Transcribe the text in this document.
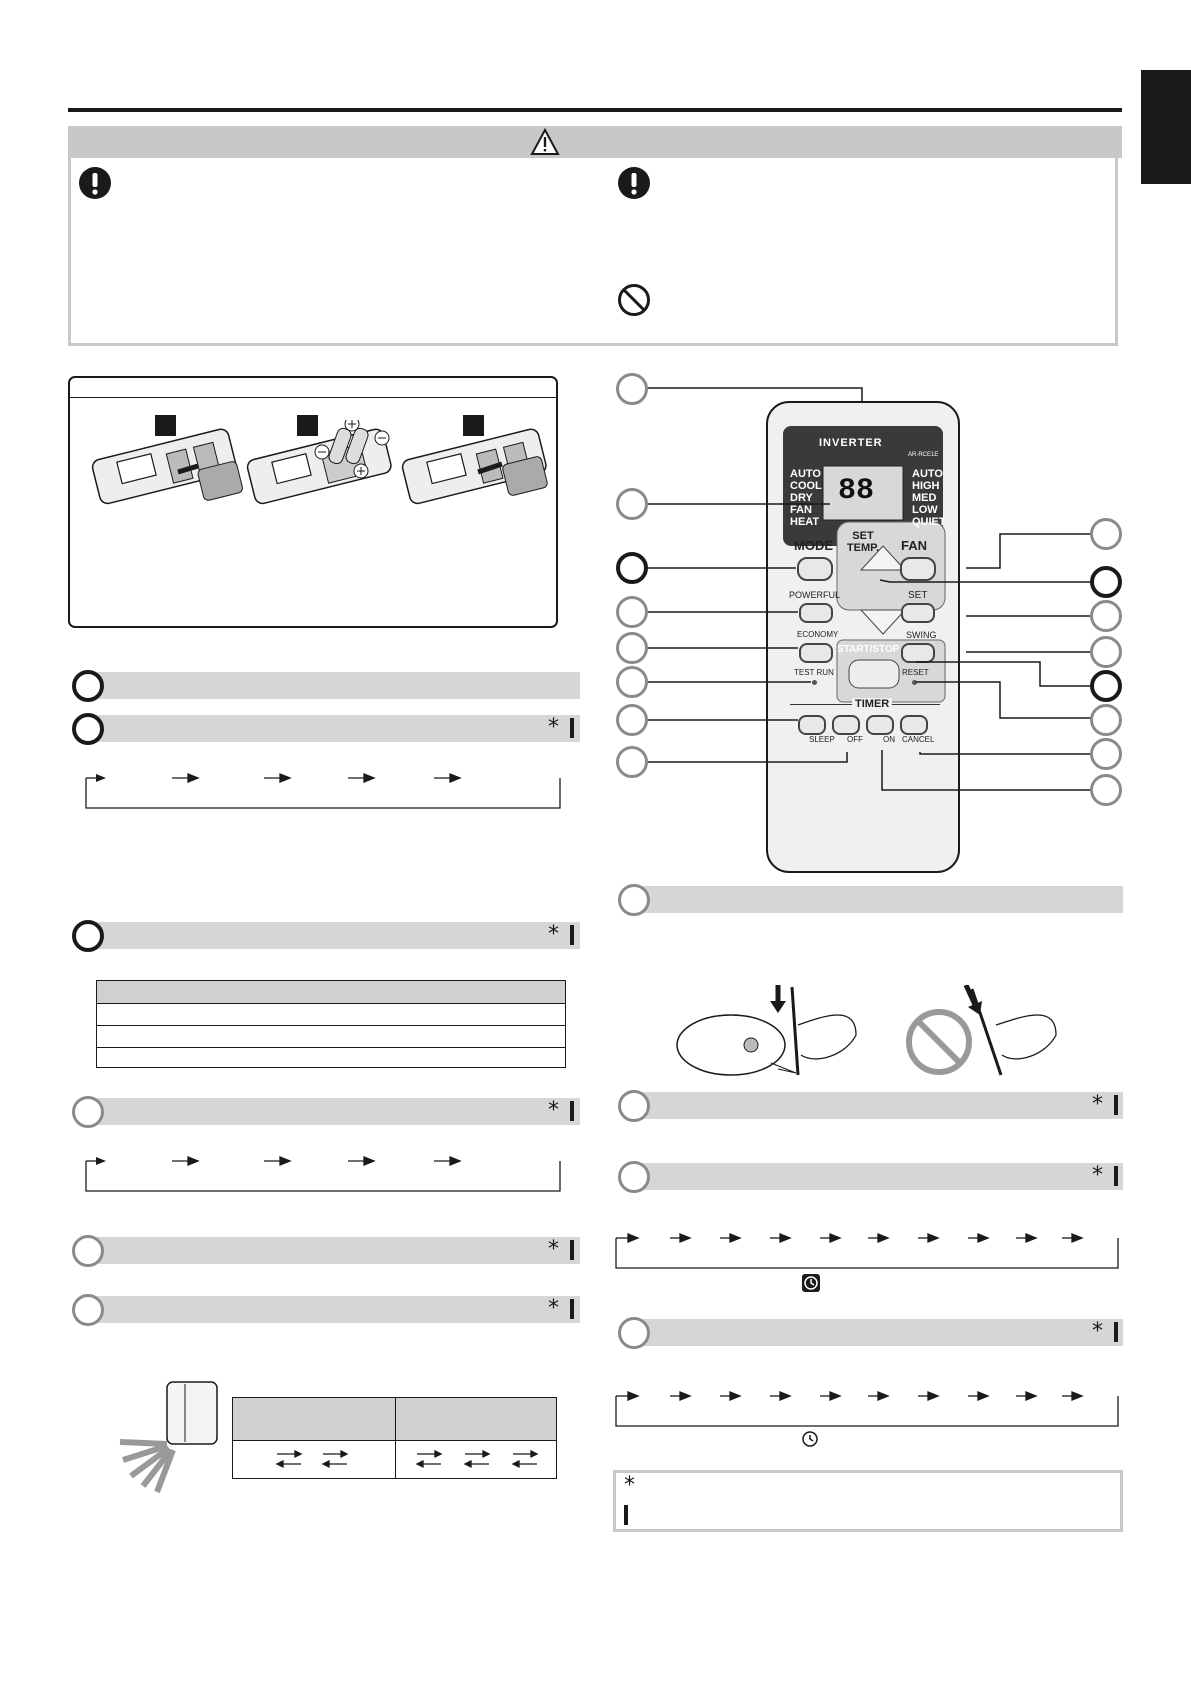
*
*
*
*
*
INVERTER
AR-RCE1E
88
AUTO
COOL
DRY
FAN
HEAT
AUTO
HIGH
MED
LOW
QUIET
MODE	FAN
SET TEMP.
POWERFUL	SET
ECONOMY	SWING
START/STOP
TEST RUN	RESET
TIMER
SLEEP OFF	ON CANCEL
*
*
*
*
